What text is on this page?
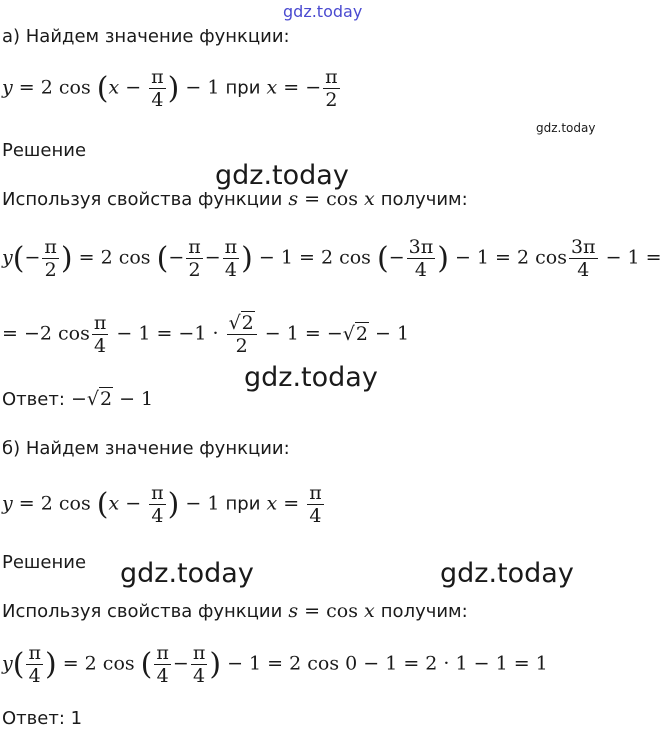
gdz.today
gdz.today
gdz.today
gdz.today
gdz.today	gdz.today
а) Найдем значение функции:
y = 2 $\cos (x - \frac{\pi}{4}$ ) − 1 при x = − $\frac{\pi}{2}$
Решение
Используя свойства функции s = cos x получим:
$y(- \frac{\pi}{2}$ ) = 2 cos (− $\frac{\pi}{2} - \frac{\pi}{4}$ ) − 1 = 2 cos (− $\frac{3\pi}{4}$ ) − 1 = 2 $\cos \frac{3\pi}{4} - 1$ =
= −2 $\cos \frac{\pi}{4} - 1 = -1 \cdot \frac{√2}{2} - 1 = -√2 - 1$
Ответ: −√2 − 1
б) Найдем значение функции:
y = 2 $\cos (x - \frac{\pi}{4}$ ) − 1 при $x = \frac{\pi}{4}$
Решение
Используя свойства функции s = cos x получим:
$y( \frac{\pi}{4}$ ) = 2 cos ( $\frac{\pi}{4} - \frac{\pi}{4}$ ) − 1 = 2 cos 0 − 1 = 2 · 1 − 1 = 1
Ответ: 1
